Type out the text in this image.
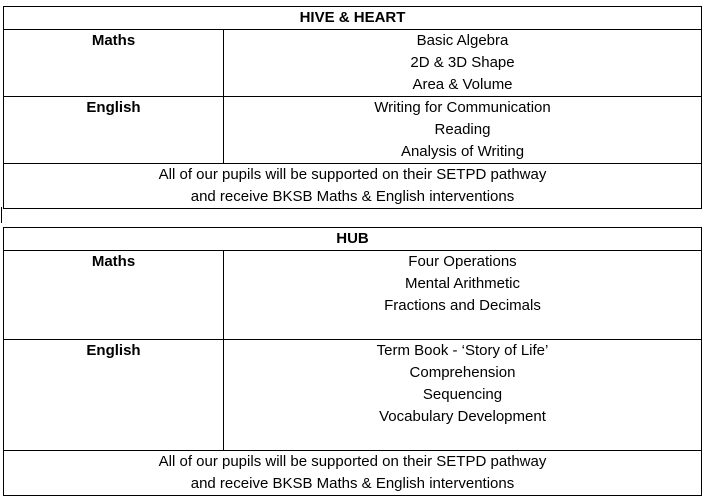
HIVE & HEART	
Maths	Basic Algebra
2D & 3D Shape
Area & Volume

English	Writing for Communication
Reading
Analysis of Writing

All of our pupils will be supported on their SETPD pathway
and receive BKSB Maths & English interventions	
HUB	
Maths	Four Operations
Mental Arithmetic
Fractions and Decimals

English	Term Book - ‘Story of Life’
Comprehension
Sequencing
Vocabulary Development

All of our pupils will be supported on their SETPD pathway
and receive BKSB Maths & English interventions	
